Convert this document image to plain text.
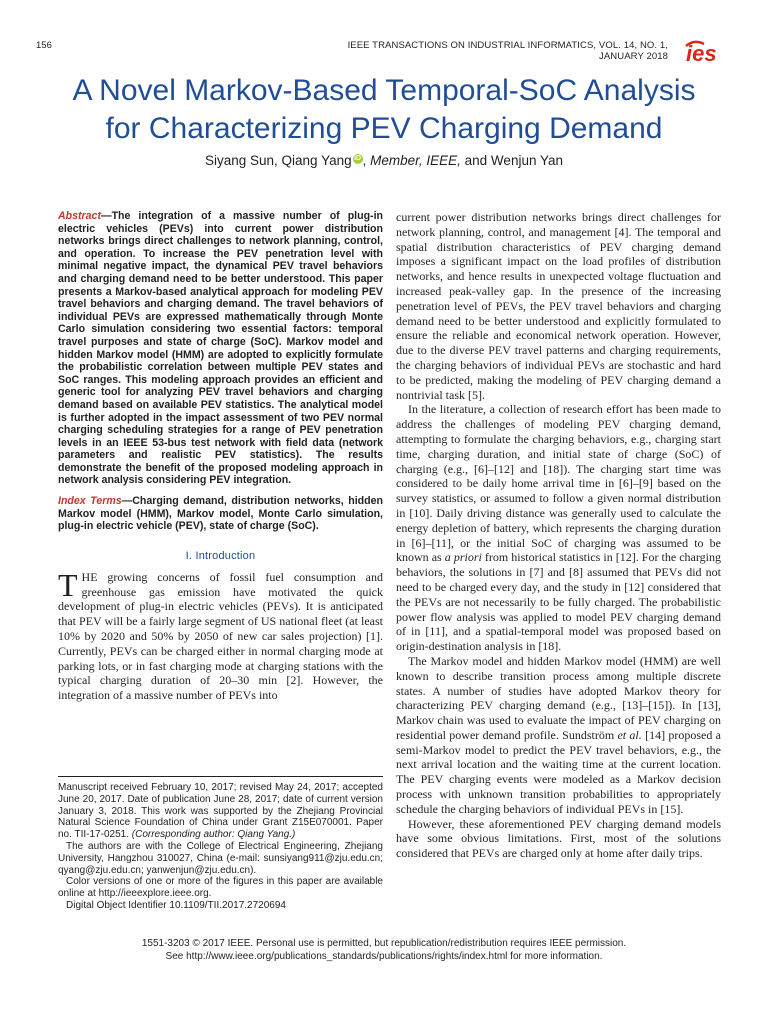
156	IEEE TRANSACTIONS ON INDUSTRIAL INFORMATICS, VOL. 14, NO. 1, JANUARY 2018 ies
A Novel Markov-Based Temporal-SoC Analysis
for Characterizing PEV Charging Demand
Siyang Sun, Qiang Yang iD , Member, IEEE, and Wenjun Yan

Abstract—The integration of a massive number of plug-in electric vehicles (PEVs) into current power distribution networks brings direct challenges to network planning, control, and operation. To increase the PEV penetration level with minimal negative impact, the dynamical PEV travel behaviors and charging demand need to be better understood. This paper presents a Markov-based analytical approach for modeling PEV travel behaviors and charging demand. The travel behaviors of individual PEVs are expressed mathematically through Monte Carlo simulation considering two essential factors: temporal travel purposes and state of charge (SoC). Markov model and hidden Markov model (HMM) are adopted to explicitly formulate the probabilistic correlation between multiple PEV states and SoC ranges. This modeling approach provides an efficient and generic tool for analyzing PEV travel behaviors and charging demand based on available PEV statistics. The analytical model is further adopted in the impact assessment of two PEV normal charging scheduling strategies for a range of PEV penetration levels in an IEEE 53-bus test network with field data (network parameters and realistic PEV statistics). The results demonstrate the benefit of the proposed modeling approach in network analysis considering PEV integration.

Index Terms—Charging demand, distribution networks, hidden Markov model (HMM), Markov model, Monte Carlo simulation, plug-in electric vehicle (PEV), state of charge (SoC).

I. Introduction

THE growing concerns of fossil fuel consumption and greenhouse gas emission have motivated the quick development of plug-in electric vehicles (PEVs). It is anticipated that PEV will be a fairly large segment of US national fleet (at least 10% by 2020 and 50% by 2050 of new car sales projection) [1]. Currently, PEVs can be charged either in normal charging mode at parking lots, or in fast charging mode at charging stations with the typical charging duration of 20–30 min [2]. However, the integration of a massive number of PEVs into

Manuscript received February 10, 2017; revised May 24, 2017; accepted June 20, 2017. Date of publication June 28, 2017; date of current version January 3, 2018. This work was supported by the Zhejiang Provincial Natural Science Foundation of China under Grant Z15E070001. Paper no. TII-17-0251. (Corresponding author: Qiang Yang.)

The authors are with the College of Electrical Engineering, Zhejiang University, Hangzhou 310027, China (e-mail: sunsiyang911@zju.edu.cn; qyang@zju.edu.cn; yanwenjun@zju.edu.cn).

Color versions of one or more of the figures in this paper are available online at http://ieeexplore.ieee.org.

Digital Object Identifier 10.1109/TII.2017.2720694

current power distribution networks brings direct challenges for network planning, control, and management [4]. The temporal and spatial distribution characteristics of PEV charging demand imposes a significant impact on the load profiles of distribution networks, and hence results in unexpected voltage fluctuation and increased peak-valley gap. In the presence of the increasing penetration level of PEVs, the PEV travel behaviors and charging demand need to be better understood and explicitly formulated to ensure the reliable and economical network operation. However, due to the diverse PEV travel patterns and charging requirements, the charging behaviors of individual PEVs are stochastic and hard to be predicted, making the modeling of PEV charging demand a nontrivial task [5].

In the literature, a collection of research effort has been made to address the challenges of modeling PEV charging demand, attempting to formulate the charging behaviors, e.g., charging start time, charging duration, and initial state of charge (SoC) of charging (e.g., [6]–[12] and [18]). The charging start time was considered to be daily home arrival time in [6]–[9] based on the survey statistics, or assumed to follow a given normal distribution in [10]. Daily driving distance was generally used to calculate the energy depletion of battery, which represents the charging duration in [6]–[11], or the initial SoC of charging was assumed to be known as a priori from historical statistics in [12]. For the charging behaviors, the solutions in [7] and [8] assumed that PEVs did not need to be charged every day, and the study in [12] considered that the PEVs are not necessarily to be fully charged. The probabilistic power flow analysis was applied to model PEV charging demand of in [11], and a spatial-temporal model was proposed based on origin-destination analysis in [18].

The Markov model and hidden Markov model (HMM) are well known to describe transition process among multiple discrete states. A number of studies have adopted Markov theory for characterizing PEV charging demand (e.g., [13]–[15]). In [13], Markov chain was used to evaluate the impact of PEV charging on residential power demand profile. Sundström et al. [14] proposed a semi-Markov model to predict the PEV travel behaviors, e.g., the next arrival location and the waiting time at the current location. The PEV charging events were modeled as a Markov decision process with unknown transition probabilities to appropriately schedule the charging behaviors of individual PEVs in [15].

However, these aforementioned PEV charging demand models have some obvious limitations. First, most of the solutions considered that PEVs are charged only at home after daily trips.

1551-3203 © 2017 IEEE. Personal use is permitted, but republication/redistribution requires IEEE permission.
See http://www.ieee.org/publications_standards/publications/rights/index.html for more information.
